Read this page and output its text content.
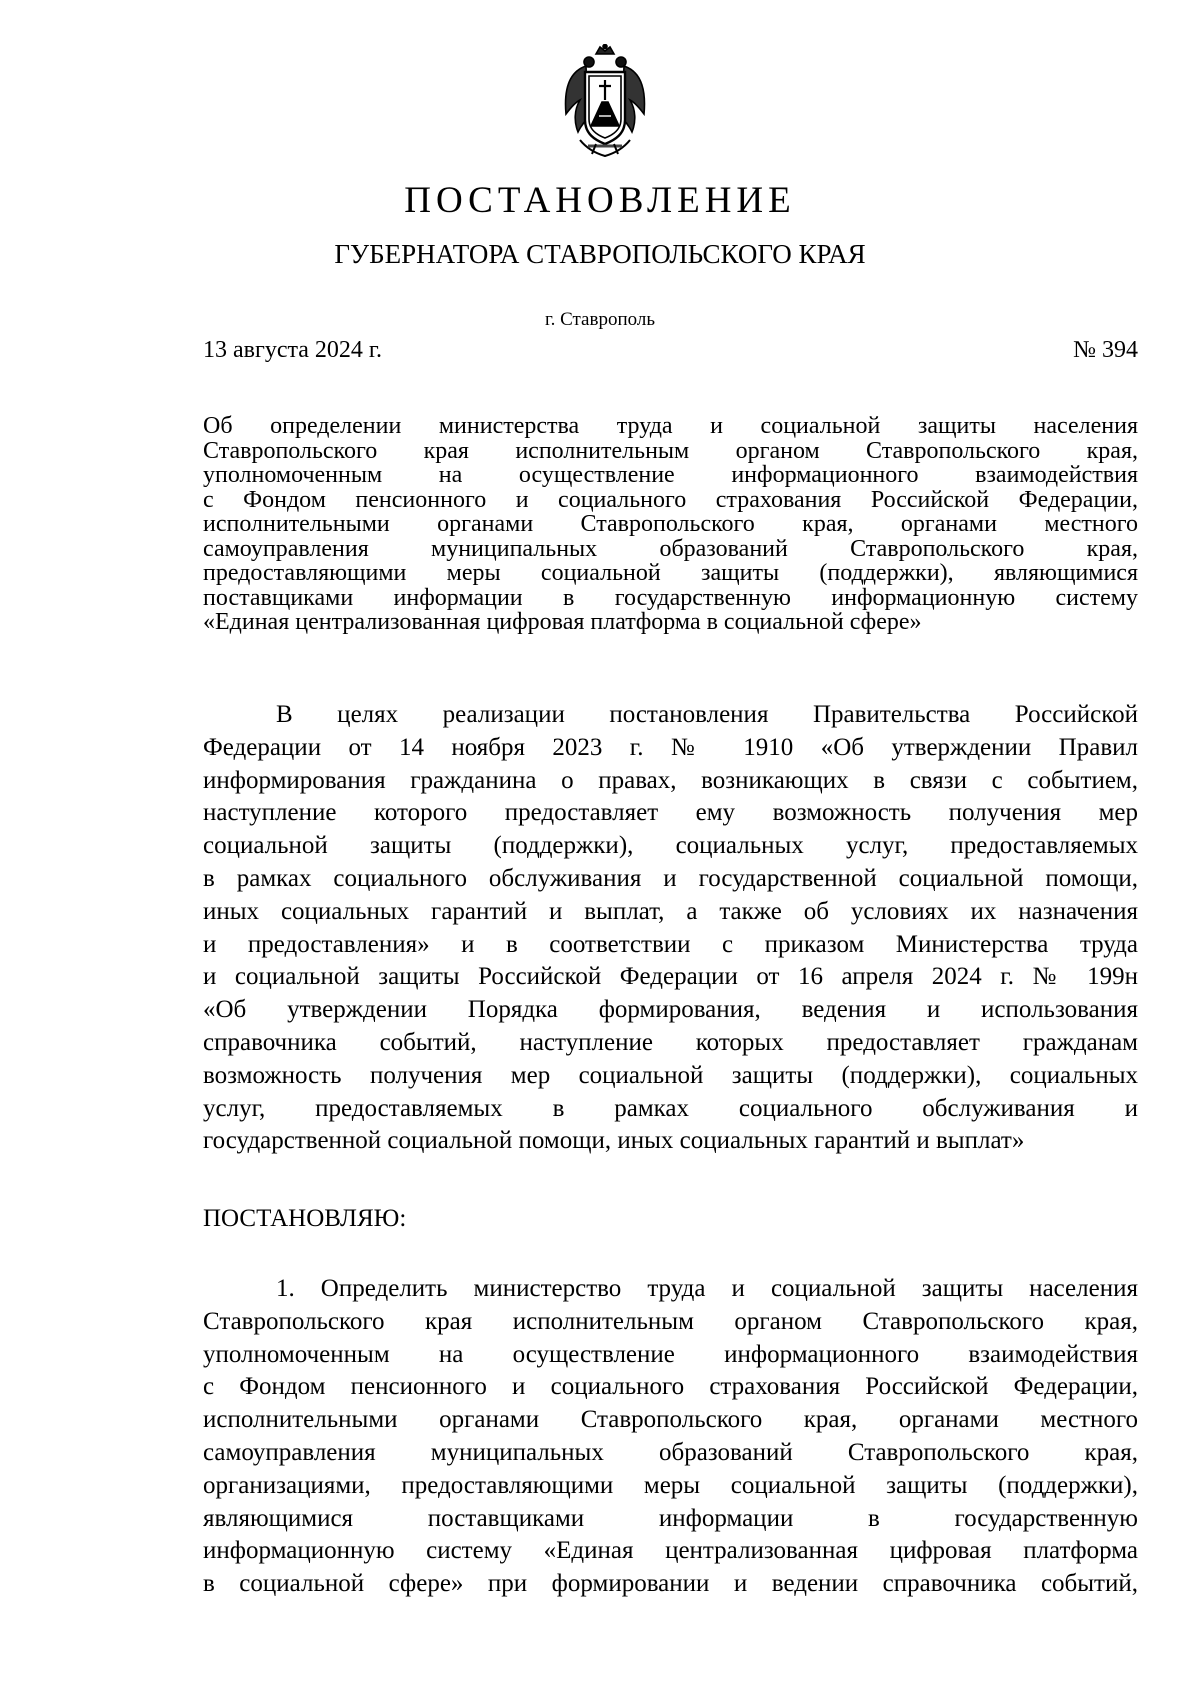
ПОСТАНОВЛЕНИЕ
ГУБЕРНАТОРА СТАВРОПОЛЬСКОГО КРАЯ
г. Ставрополь
13 августа 2024 г.	№ 394
Об определении министерства труда и социальной защиты населения
Ставропольского края исполнительным органом Ставропольского края,
уполномоченным на осуществление информационного взаимодействия
с Фондом пенсионного и социального страхования Российской Федерации,
исполнительными органами Ставропольского края, органами местного
самоуправления муниципальных образований Ставропольского края,
предоставляющими меры социальной защиты (поддержки), являющимися
поставщиками информации в государственную информационную систему
«Единая централизованная цифровая платформа в социальной сфере»
В целях реализации постановления Правительства Российской
Федерации от 14 ноября 2023 г. № 1910 «Об утверждении Правил
информирования гражданина о правах, возникающих в связи с событием,
наступление которого предоставляет ему возможность получения мер
социальной защиты (поддержки), социальных услуг, предоставляемых
в рамках социального обслуживания и государственной социальной помощи,
иных социальных гарантий и выплат, а также об условиях их назначения
и предоставления» и в соответствии с приказом Министерства труда
и социальной защиты Российской Федерации от 16 апреля 2024 г. № 199н
«Об утверждении Порядка формирования, ведения и использования
справочника событий, наступление которых предоставляет гражданам
возможность получения мер социальной защиты (поддержки), социальных
услуг, предоставляемых в рамках социального обслуживания и
государственной социальной помощи, иных социальных гарантий и выплат»
ПОСТАНОВЛЯЮ:
1. Определить министерство труда и социальной защиты населения
Ставропольского края исполнительным органом Ставропольского края,
уполномоченным на осуществление информационного взаимодействия
с Фондом пенсионного и социального страхования Российской Федерации,
исполнительными органами Ставропольского края, органами местного
самоуправления муниципальных образований Ставропольского края,
организациями, предоставляющими меры социальной защиты (поддержки),
являющимися поставщиками информации в государственную
информационную систему «Единая централизованная цифровая платформа
в социальной сфере» при формировании и ведении справочника событий,
